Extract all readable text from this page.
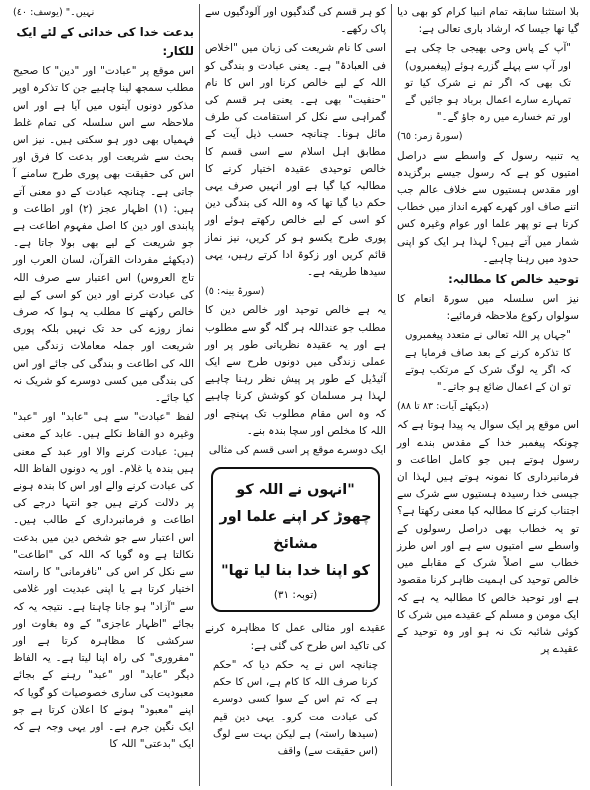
بلا استثنا سابقہ تمام انبیا کرام کو بھی دیا گیا تھا جیسا کہ ارشاد باری تعالی ہے:

"آپ کے پاس وحی بھیجی جا چکی ہے اور آپ سے پہلے گزرے ہوئے (پیغمبروں) تک بھی کہ اگر تم نے شرک کیا تو تمہارے سارے اعمال برباد ہو جائیں گے اور تم خسارے میں رہ جاؤ گے۔"

(سورۃ زمر: ٦٥)

یہ تنبیہ رسول کے واسطے سے دراصل امتیوں کو ہے کہ رسول جیسے برگزیدہ اور مقدس ہستیوں سے خلاف عالم جب اتنے صاف اور کھرے کھرے انداز میں خطاب کرتا ہے تو پھر علما اور عوام وغیرہ کس شمار میں آتے ہیں؟ لہذا ہر ایک کو اپنی حدود میں رہنا چاہیے۔

توحید خالص کا مطالبہ:

نیز اس سلسلہ میں سورۃ انعام کا سولواں رکوع ملاحظہ فرمائیے:

"جہاں پر اللہ تعالی نے متعدد پیغمبروں کا تذکرہ کرنے کے بعد صاف فرمایا ہے کہ اگر یہ لوگ شرک کے مرتکب ہوتے تو ان کے اعمال ضائع ہو جاتے۔"

(دیکھئے آیات: ٨٣ تا ٨٨)

اس موقع پر ایک سوال یہ پیدا ہوتا ہے کہ چونکہ پیغمبر خدا کے مقدس بندے اور رسول ہوتے ہیں جو کامل اطاعت و فرمانبرداری کا نمونہ ہوتے ہیں لہذا ان جیسی خدا رسیدہ ہستیوں سے شرک سے اجتناب کرنے کا مطالبہ کیا معنی رکھتا ہے؟ تو یہ خطاب بھی دراصل رسولوں کے واسطے سے امتیوں سے ہے اور اس طرز خطاب سے اصلاً شرک کے مقابلے میں خالص توحید کی اہمیت ظاہر کرنا مقصود ہے اور توحید خالص کا مطالبہ یہ ہے کہ ایک مومن و مسلم کے عقیدے میں شرک کا کوئی شائبہ تک نہ ہو اور وہ توحید کے عقیدے پر

کو ہر قسم کی گندگیوں اور آلودگیوں سے پاک رکھے۔

اسی کا نام شریعت کی زبان میں "اخلاص فی العبادۃ" ہے۔ یعنی عبادت و بندگی کو اللہ کے لیے خالص کرنا اور اس کا نام "حنفیت" بھی ہے۔ یعنی ہر قسم کی گمراہی سے نکل کر استقامت کی طرف مائل ہونا۔ چنانچہ حسب ذیل آیت کے مطابق اہل اسلام سے اسی قسم کا خالص توحیدی عقیدہ اختیار کرنے کا مطالبہ کیا گیا ہے اور انہیں صرف یہی حکم دیا گیا تھا کہ وہ اللہ کی بندگی دین کو اسی کے لیے خالص رکھتے ہوئے اور پوری طرح یکسو ہو کر کریں، نیز نماز قائم کریں اور زکوۃ ادا کرتے رہیں، یہی سیدھا طریقہ ہے۔

(سورۃ بینہ: ٥)

یہ ہے خالص توحید اور خالص دین کا مطلب جو عنداللہ ہر گلہ گو سے مطلوب ہے اور یہ عقیدہ نظریاتی طور پر اور عملی زندگی میں دونوں طرح سے ایک آئیڈیل کے طور پر پیش نظر رہنا چاہیے لہذا ہر مسلمان کو کوشش کرنا چاہیے کہ وہ اس مقام مطلوب تک پہنچے اور اللہ کا مخلص اور سچا بندہ بنے۔

ایک دوسرے موقع پر اسی قسم کی مثالی

"انہوں نے اللہ کو
چھوڑ کر اپنے علما اور مشائخ
کو اپنا خدا بنا لیا تھا"
(توبہ: ٣١)

عقیدے اور مثالی عمل کا مظاہرہ کرنے کی تاکید اس طرح کی گئی ہے:

چنانچہ اس نے یہ حکم دیا کہ "حکم کرنا صرف اللہ کا کام ہے، اس کا حکم ہے کہ تم اس کے سوا کسی دوسرے کی عبادت مت کرو۔ یہی دین قیم (سیدھا راستہ) ہے لیکن بہت سے لوگ (اس حقیقت سے) واقف

نہیں۔" (یوسف: ٤٠)

بدعت خدا کی خدائی کے لئے ایک للکار:

اس موقع پر "عبادت" اور "دین" کا صحیح مطلب سمجھ لینا چاہیے جن کا تذکرہ اوپر مذکور دونوں آیتوں میں آیا ہے اور اس ملاحظہ سے اس سلسلہ کی تمام غلط فہمیاں بھی دور ہو سکتی ہیں۔ نیز اس بحث سے شریعت اور بدعت کا فرق اور اس کی حقیقت بھی پوری طرح سامنے آ جاتی ہے۔ چنانچہ عبادت کے دو معنی آتے ہیں: (١) اظہار عجز (٢) اور اطاعت و پابندی اور دین کا اصل مفہوم اطاعت ہے جو شریعت کے لیے بھی بولا جاتا ہے۔ (دیکھئے مفردات القرآن، لسان العرب اور تاج العروس) اس اعتبار سے صرف اللہ کی عبادت کرنے اور دین کو اسی کے لیے خالص رکھنے کا مطلب یہ ہوا کہ صرف نماز روزے کی حد تک نہیں بلکہ پوری شریعت اور جملہ معاملات زندگی میں اللہ کی اطاعت و بندگی کی جائے اور اس کی بندگی میں کسی دوسرے کو شریک نہ کیا جائے۔

لفظ "عبادت" سے ہی "عابد" اور "عبد" وغیرہ دو الفاظ نکلے ہیں۔ عابد کے معنی ہیں: عبادت کرنے والا اور عبد کے معنی ہیں بندہ یا غلام۔ اور یہ دونوں الفاظ اللہ کی عبادت کرنے والے اور اس کا بندہ ہونے پر دلالت کرتے ہیں جو انتہا درجے کی اطاعت و فرمانبرداری کے طالب ہیں۔ اس اعتبار سے جو شخص دین میں بدعت نکالتا ہے وہ گویا کہ اللہ کی "اطاعت" سے نکل کر اس کی "نافرمانی" کا راستہ اختیار کرتا ہے یا اپنی عبدیت اور غلامی سے "آزاد" ہو جانا چاہتا ہے۔ نتیجہ یہ کہ بجائے "اظہار عاجزی" کے وہ بغاوت اور سرکشی کا مظاہرہ کرتا ہے اور "مفروری" کی راہ اپنا لیتا ہے۔ یہ الفاظ دیگر "عابد" اور "عبد" رہنے کے بجائے معبودیت کی ساری خصوصیات کو گویا کہ اپنے "معبود" ہونے کا اعلان کرتا ہے جو ایک نگین جرم ہے۔ اور یہی وجہ ہے کہ ایک "بدعتی" اللہ کا
